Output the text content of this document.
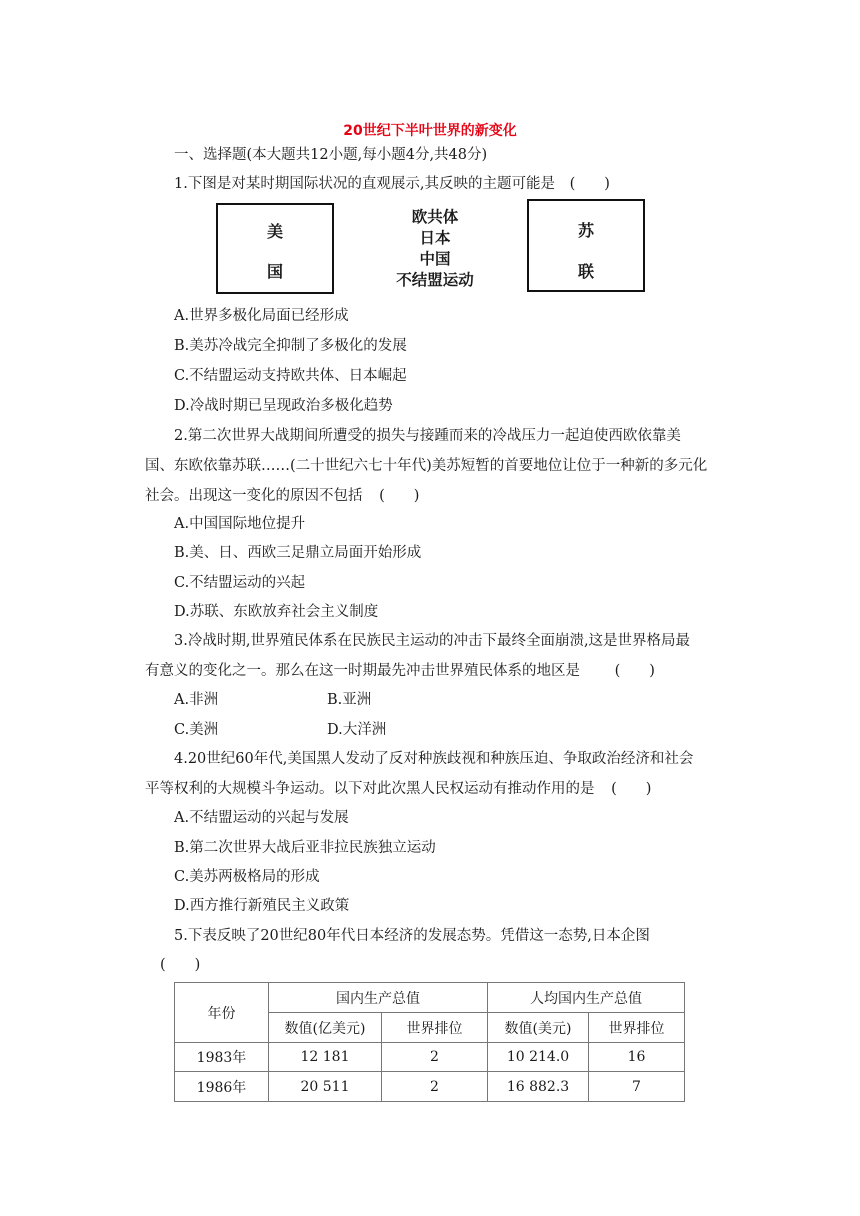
20世纪下半叶世界的新变化
一、选择题(本大题共12小题,每小题4分,共48分)
1.下图是对某时期国际状况的直观展示,其反映的主题可能是 (　　)
美
国
欧共体
日本
中国
不结盟运动
苏
联
A.世界多极化局面已经形成
B.美苏冷战完全抑制了多极化的发展
C.不结盟运动支持欧共体、日本崛起
D.冷战时期已呈现政治多极化趋势
2.第二次世界大战期间所遭受的损失与接踵而来的冷战压力一起迫使西欧依靠美
国、东欧依靠苏联……(二十世纪六七十年代)美苏短暂的首要地位让位于一种新的多元化
社会。出现这一变化的原因不包括 (　　)
A.中国国际地位提升
B.美、日、西欧三足鼎立局面开始形成
C.不结盟运动的兴起
D.苏联、东欧放弃社会主义制度
3.冷战时期,世界殖民体系在民族民主运动的冲击下最终全面崩溃,这是世界格局最
有意义的变化之一。那么在这一时期最先冲击世界殖民体系的地区是 (　　)
A.非洲	B.亚洲
C.美洲	D.大洋洲
4.20世纪60年代,美国黑人发动了反对种族歧视和种族压迫、争取政治经济和社会
平等权利的大规模斗争运动。以下对此次黑人民权运动有推动作用的是 (　　)
A.不结盟运动的兴起与发展
B.第二次世界大战后亚非拉民族独立运动
C.美苏两极格局的形成
D.西方推行新殖民主义政策
5.下表反映了20世纪80年代日本经济的发展态势。凭借这一态势,日本企图
(　　)
年份	国内生产总值		人均国内生产总值	
	数值(亿美元)	世界排位	数值(美元)	世界排位
1983年	12 181	2	10 214.0	16
1986年	20 511	2	16 882.3	7
